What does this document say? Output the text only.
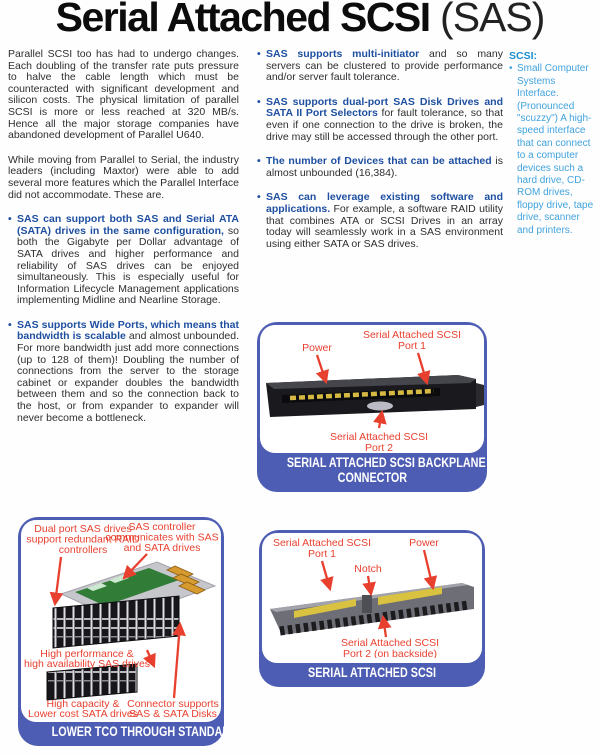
Serial Attached SCSI (SAS)

Parallel SCSI too has had to undergo changes. Each doubling of the transfer rate puts pressure to halve the cable length which must be counteracted with significant development and silicon costs. The physical limitation of parallel SCSI is more or less reached at 320 MB/s. Hence all the major storage companies have abandoned development of Parallel U640.

While moving from Parallel to Serial, the industry leaders (including Maxtor) were able to add several more features which the Parallel Interface did not accommodate. These are.

• SAS can support both SAS and Serial ATA (SATA) drives in the same configuration, so both the Gigabyte per Dollar advantage of SATA drives and higher performance and reliability of SAS drives can be enjoyed simultaneously. This is especially useful for Information Lifecycle Management applications implementing Midline and Nearline Storage.
• SAS supports Wide Ports, which means that bandwidth is scalable and almost unbounded. For more bandwidth just add more connections (up to 128 of them)! Doubling the number of connections from the server to the storage cabinet or expander doubles the bandwidth between them and so the connection back to the host, or from expander to expander will never become a bottleneck.
• SAS supports multi-initiator and so many servers can be clustered to provide performance and/or server fault tolerance.
• SAS supports dual-port SAS Disk Drives and SATA II Port Selectors for fault tolerance, so that even if one connection to the drive is broken, the drive may still be accessed through the other port.
• The number of Devices that can be attached is almost unbounded (16,384).
• SAS can leverage existing software and applications. For example, a software RAID utility that combines ATA or SCSI Drives in an array today will seamlessly work in a SAS environment using either SATA or SAS drives.
SCSI:
• Small Computer Systems Interface. (Pronounced "scuzzy") A high-speed interface that can connect to a computer devices such a hard drive, CD-ROM drives, floppy drive, tape drive, scanner and printers.
Power
Serial Attached SCSI
Port 1
Serial Attached SCSI
Port 2
SERIAL ATTACHED SCSI BACKPLANE
CONNECTOR
Dual port SAS drives
support redundant RAID
controllers
SAS controller
communicates with SAS
and SATA drives
High performance &
high availability SAS drives
High capacity &
Lower cost SATA drives
Connector supports
SAS & SATA Disks
LOWER TCO THROUGH STANDARDIZATION
Serial Attached SCSI
Port 1
Notch
Power
Serial Attached SCSI
Port 2 (on backside)
SERIAL ATTACHED SCSI
